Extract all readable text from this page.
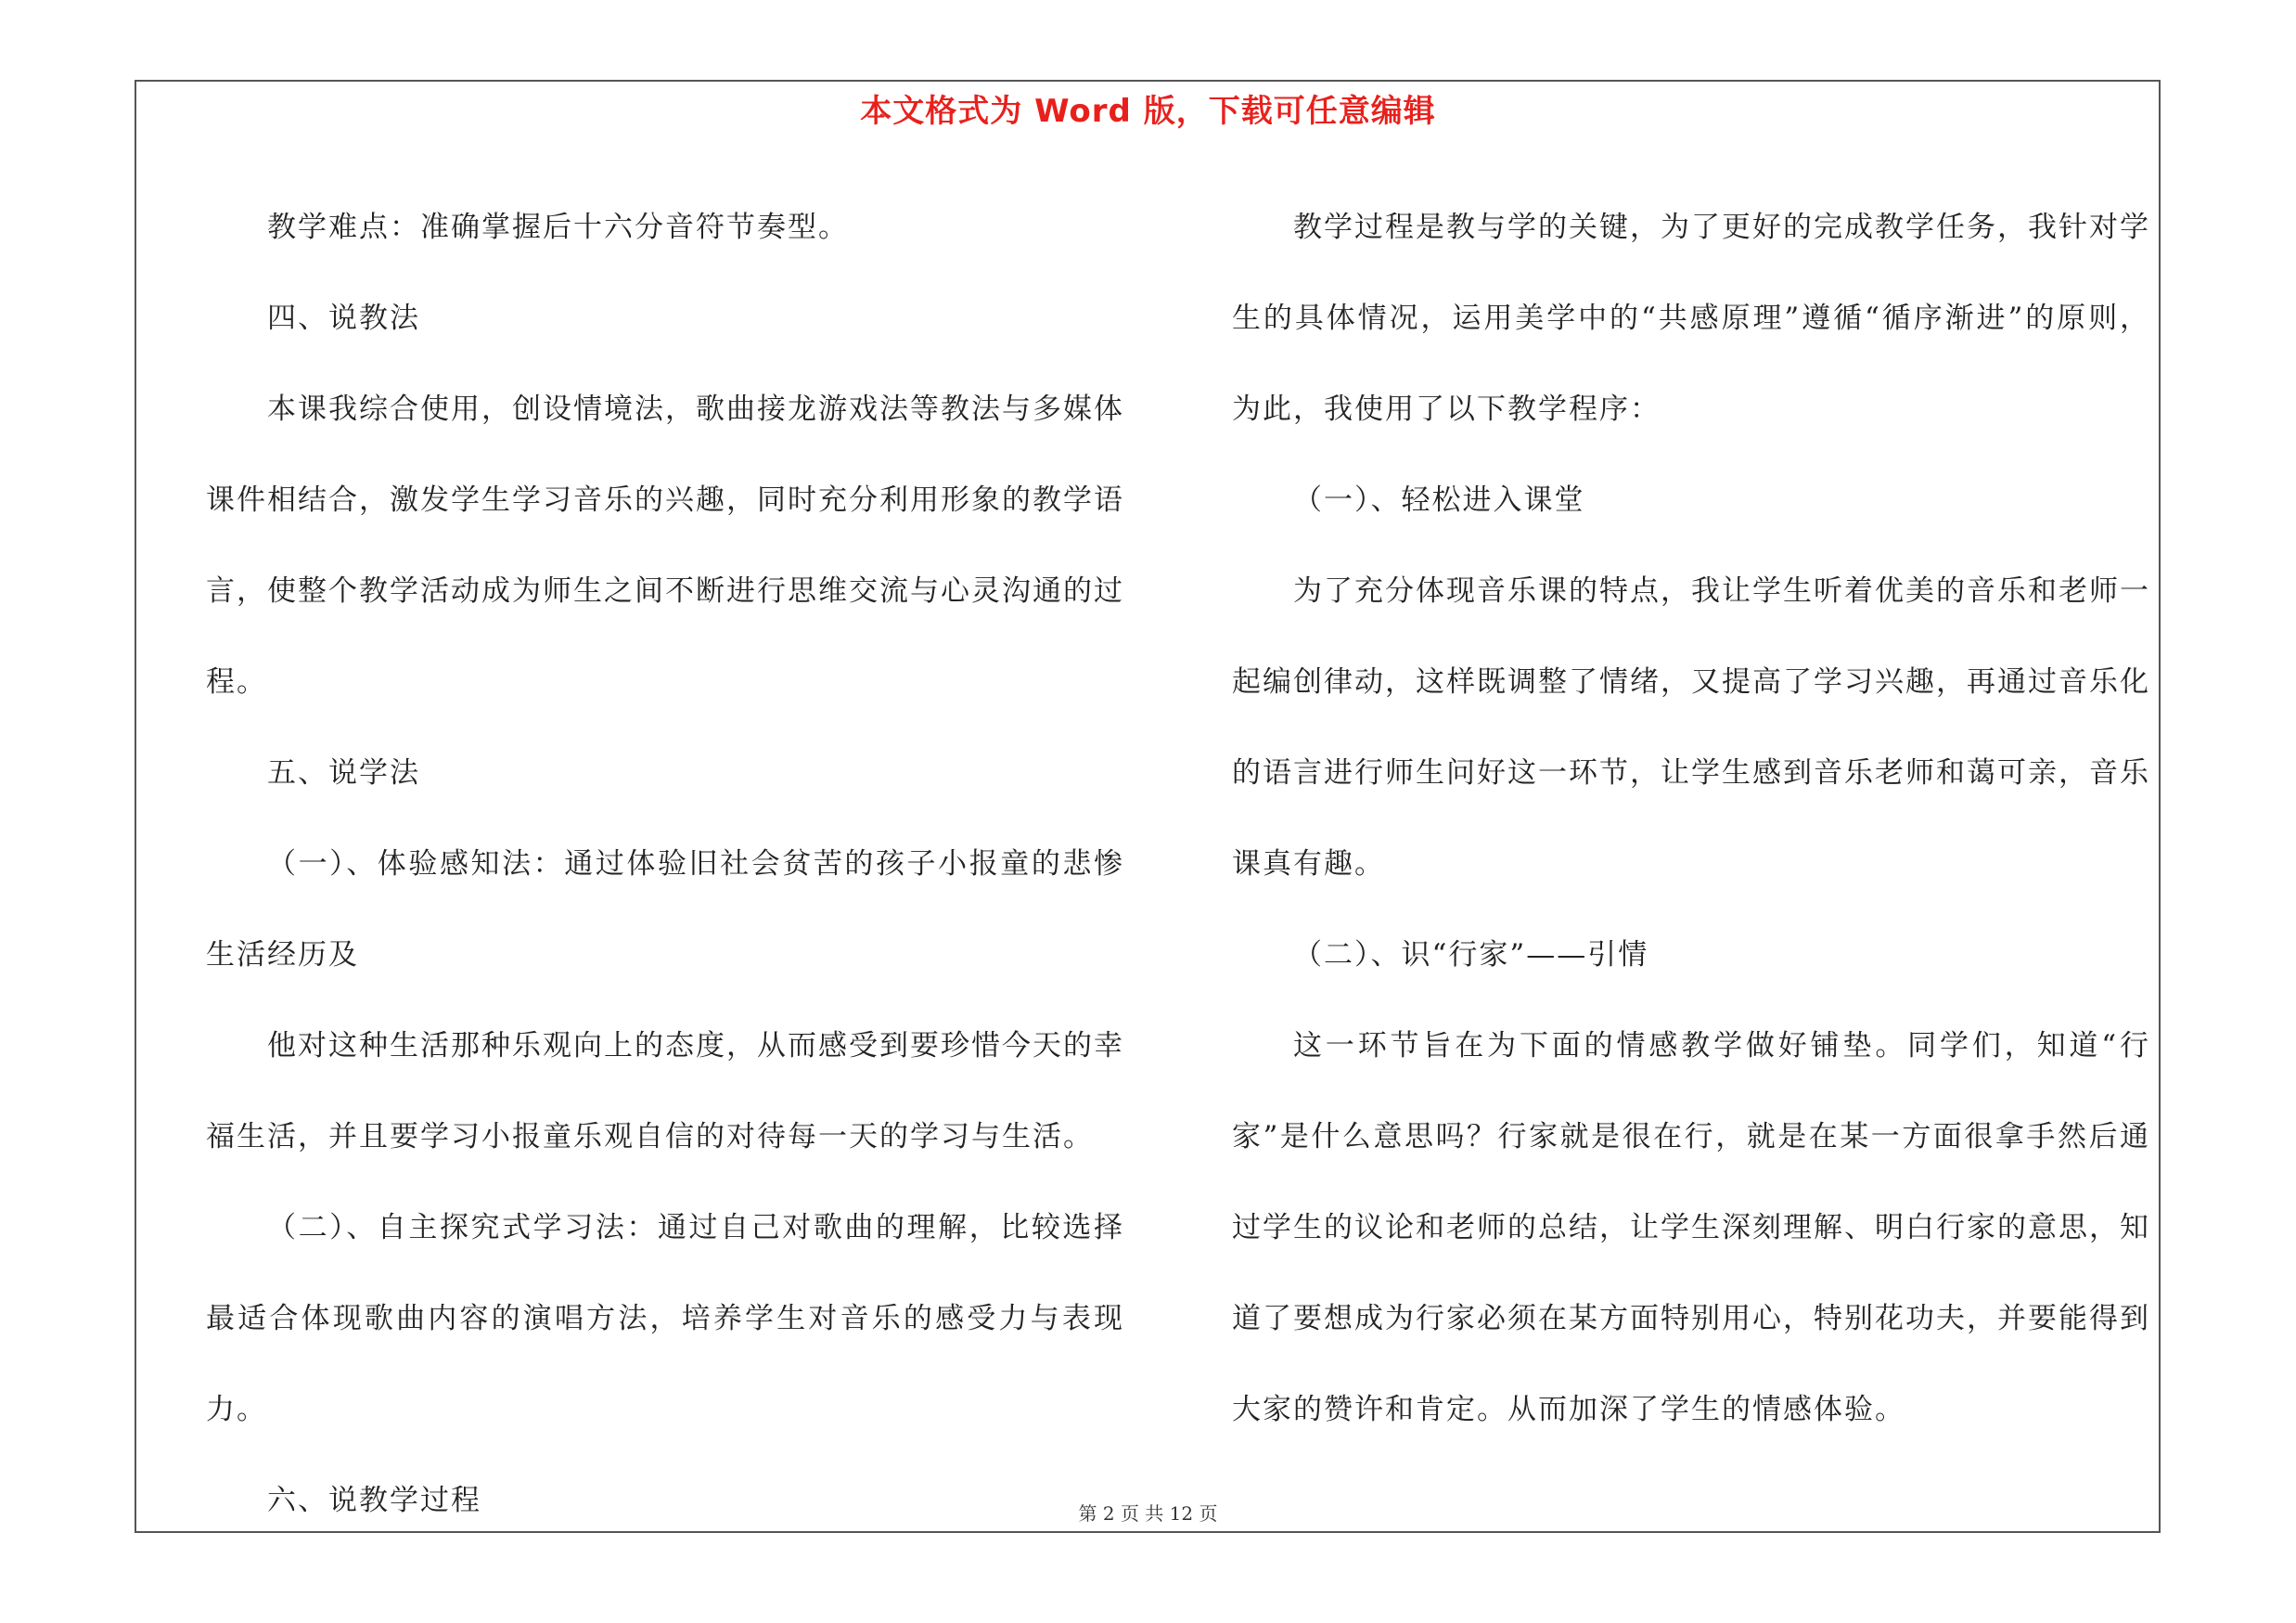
本文格式为 Word 版，下载可任意编辑

教学难点：准确掌握后十六分音符节奏型。

四、说教法

本课我综合使用，创设情境法，歌曲接龙游戏法等教法与多媒体课件相结合，激发学生学习音乐的兴趣，同时充分利用形象的教学语言，使整个教学活动成为师生之间不断进行思维交流与心灵沟通的过程。

五、说学法

（一）、体验感知法：通过体验旧社会贫苦的孩子小报童的悲惨生活经历及

他对这种生活那种乐观向上的态度，从而感受到要珍惜今天的幸福生活，并且要学习小报童乐观自信的对待每一天的学习与生活。

（二）、自主探究式学习法：通过自己对歌曲的理解，比较选择最适合体现歌曲内容的演唱方法，培养学生对音乐的感受力与表现力。

六、说教学过程

教学过程是教与学的关键，为了更好的完成教学任务，我针对学生的具体情况，运用美学中的“共感原理”遵循“循序渐进”的原则，为此，我使用了以下教学程序：

（一）、轻松进入课堂

为了充分体现音乐课的特点，我让学生听着优美的音乐和老师一起编创律动，这样既调整了情绪，又提高了学习兴趣，再通过音乐化的语言进行师生问好这一环节，让学生感到音乐老师和蔼可亲，音乐课真有趣。

（二）、识“行家”——引情

这一环节旨在为下面的情感教学做好铺垫。同学们，知道“行家”是什么意思吗？行家就是很在行，就是在某一方面很拿手然后通过学生的议论和老师的总结，让学生深刻理解、明白行家的意思，知道了要想成为行家必须在某方面特别用心，特别花功夫，并要能得到大家的赞许和肯定。从而加深了学生的情感体验。

第 2 页 共 12 页
